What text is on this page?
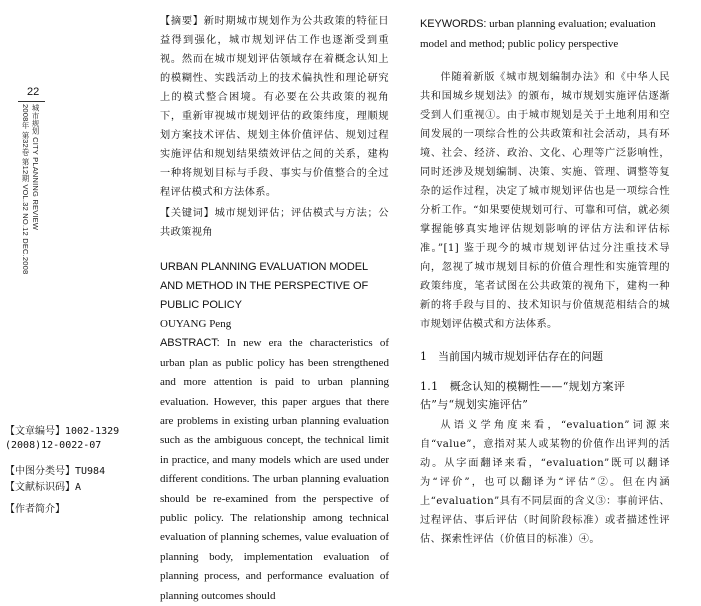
22
城市规划 CITY PLANNING REVIEW
2008年 第32卷 第12期 VOL.32 NO.12 DEC.2008
【文章编号】1002-1329
(2008)12-0022-07
【中图分类号】TU984
【文献标识码】A
【作者简介】

【摘要】新时期城市规划作为公共政策的特征日益得到强化，城市规划评估工作也逐渐受到重视。然而在城市规划评估领域存在着概念认知上的模糊性、实践活动上的技术偏执性和理论研究上的模式整合困境。有必要在公共政策的视角下，重新审视城市规划评估的政策纬度，理顺规划方案技术评估、规划主体价值评估、规划过程实施评估和规划结果绩效评估之间的关系，建构一种将规划目标与手段、事实与价值整合的全过程评估模式和方法体系。

【关键词】城市规划评估；评估模式与方法；公共政策视角

URBAN PLANNING EVALUATION MODEL AND METHOD IN THE PERSPECTIVE OF PUBLIC POLICY

OUYANG Peng

ABSTRACT: In new era the characteristics of urban plan as public policy has been strengthened and more attention is paid to urban planning evaluation. However, this paper argues that there are problems in existing urban planning evaluation such as the ambiguous concept, the technical limit in practice, and many models which are used under different conditions. The urban planning evaluation should be re-examined from the perspective of public policy. The relationship among technical evaluation of planning schemes, value evaluation of planning body, implementation evaluation of planning process, and performance evaluation of planning outcomes should

KEYWORDS: urban planning evaluation; evaluation model and method; public policy perspective

伴随着新版《城市规划编制办法》和《中华人民共和国城乡规划法》的颁布，城市规划实施评估逐渐受到人们重视①。由于城市规划是关于土地利用和空间发展的一项综合性的公共政策和社会活动，具有环境、社会、经济、政治、文化、心理等广泛影响性，同时还涉及规划编制、决策、实施、管理、调整等复杂的运作过程，决定了城市规划评估也是一项综合性分析工作。“如果要使规划可行、可靠和可信，就必须掌握能够真实地评估规划影响的评估方法和评估标准。”[1] 鉴于现今的城市规划评估过分注重技术导向，忽视了城市规划目标的价值合理性和实施管理的政策纬度，笔者试图在公共政策的视角下，建构一种新的将手段与目的、技术知识与价值规范相结合的城市规划评估模式和方法体系。

1　当前国内城市规划评估存在的问题

1.1　概念认知的模糊性——“规划方案评估”与“规划实施评估”

从语义学角度来看，“evaluation”词源来自“value”，意指对某人或某物的价值作出评判的活动。从字面翻译来看，“evaluation”既可以翻译为“评价”，也可以翻译为“评估”②。但在内涵上“evaluation”具有不同层面的含义③：事前评估、过程评估、事后评估（时间阶段标准）或者描述性评估、探索性评估（价值目的标准）④。
